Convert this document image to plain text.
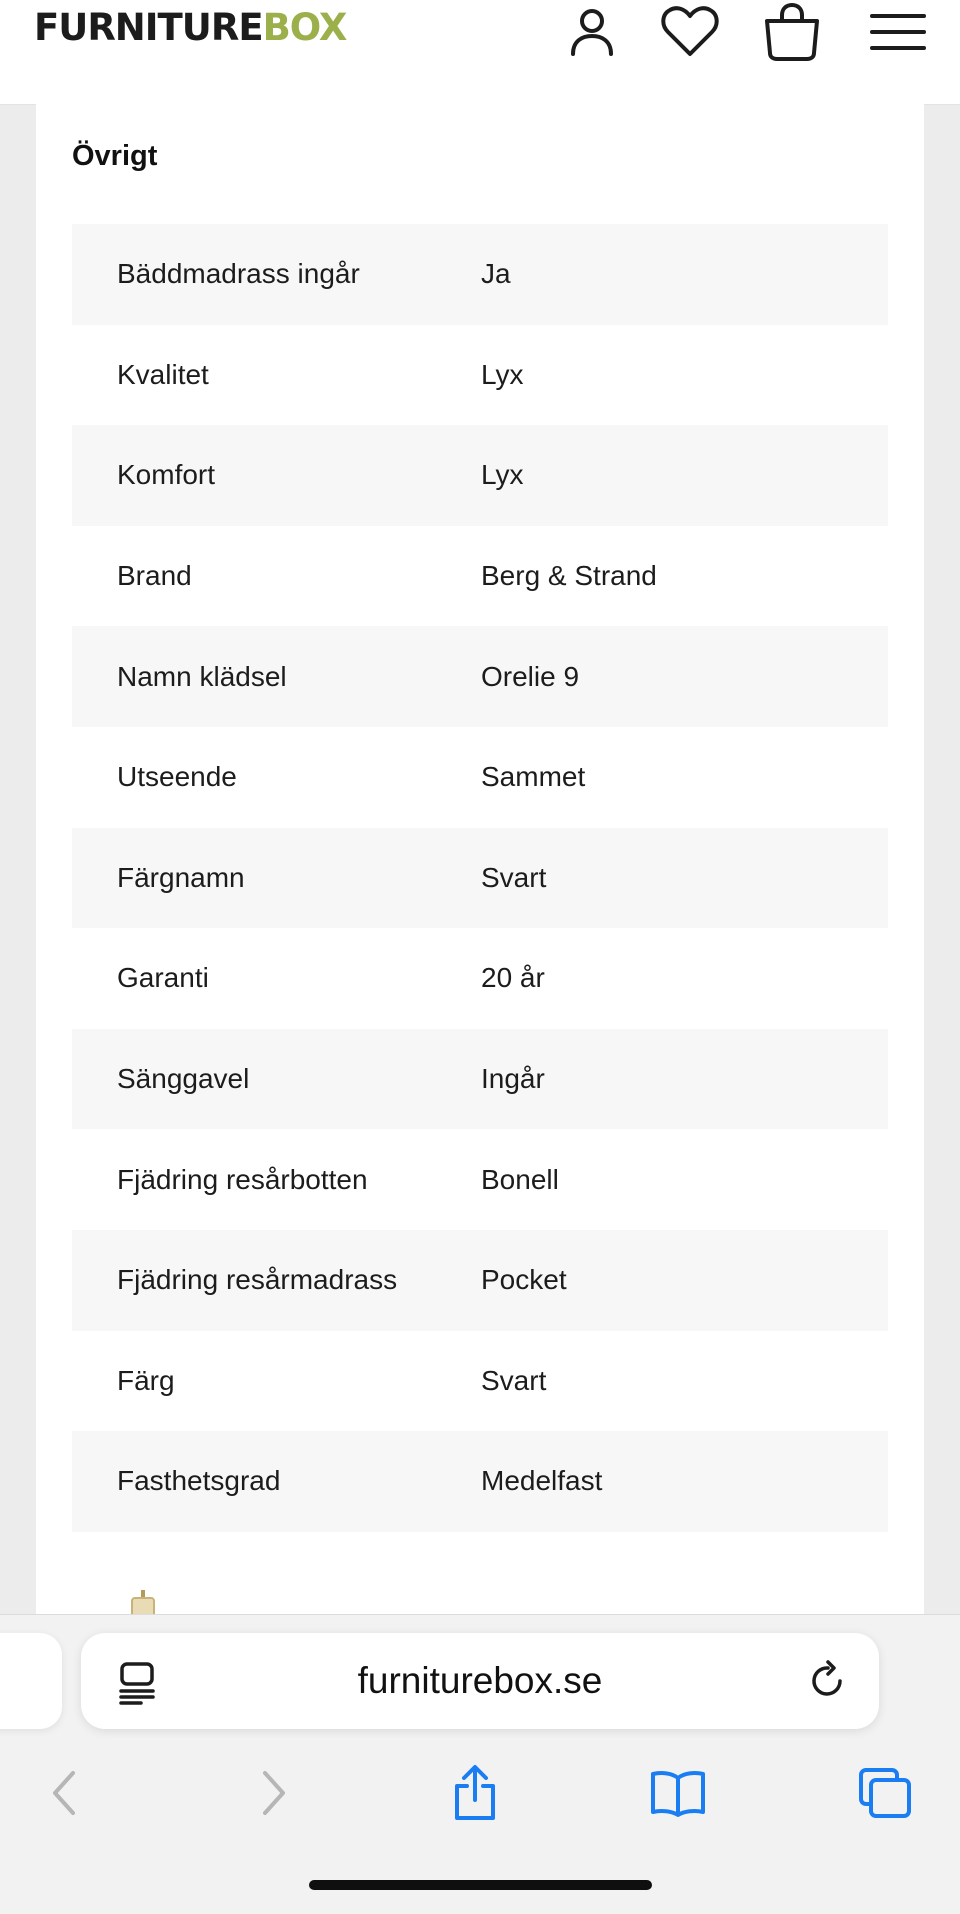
FURNITUREBOX
Övrigt
Bäddmadrass ingår	Ja
Kvalitet	Lyx
Komfort	Lyx
Brand	Berg & Strand
Namn klädsel	Orelie 9
Utseende	Sammet
Färgnamn	Svart
Garanti	20 år
Sänggavel	Ingår
Fjädring resårbotten	Bonell
Fjädring resårmadrass	Pocket
Färg	Svart
Fasthetsgrad	Medelfast
furniturebox.se
